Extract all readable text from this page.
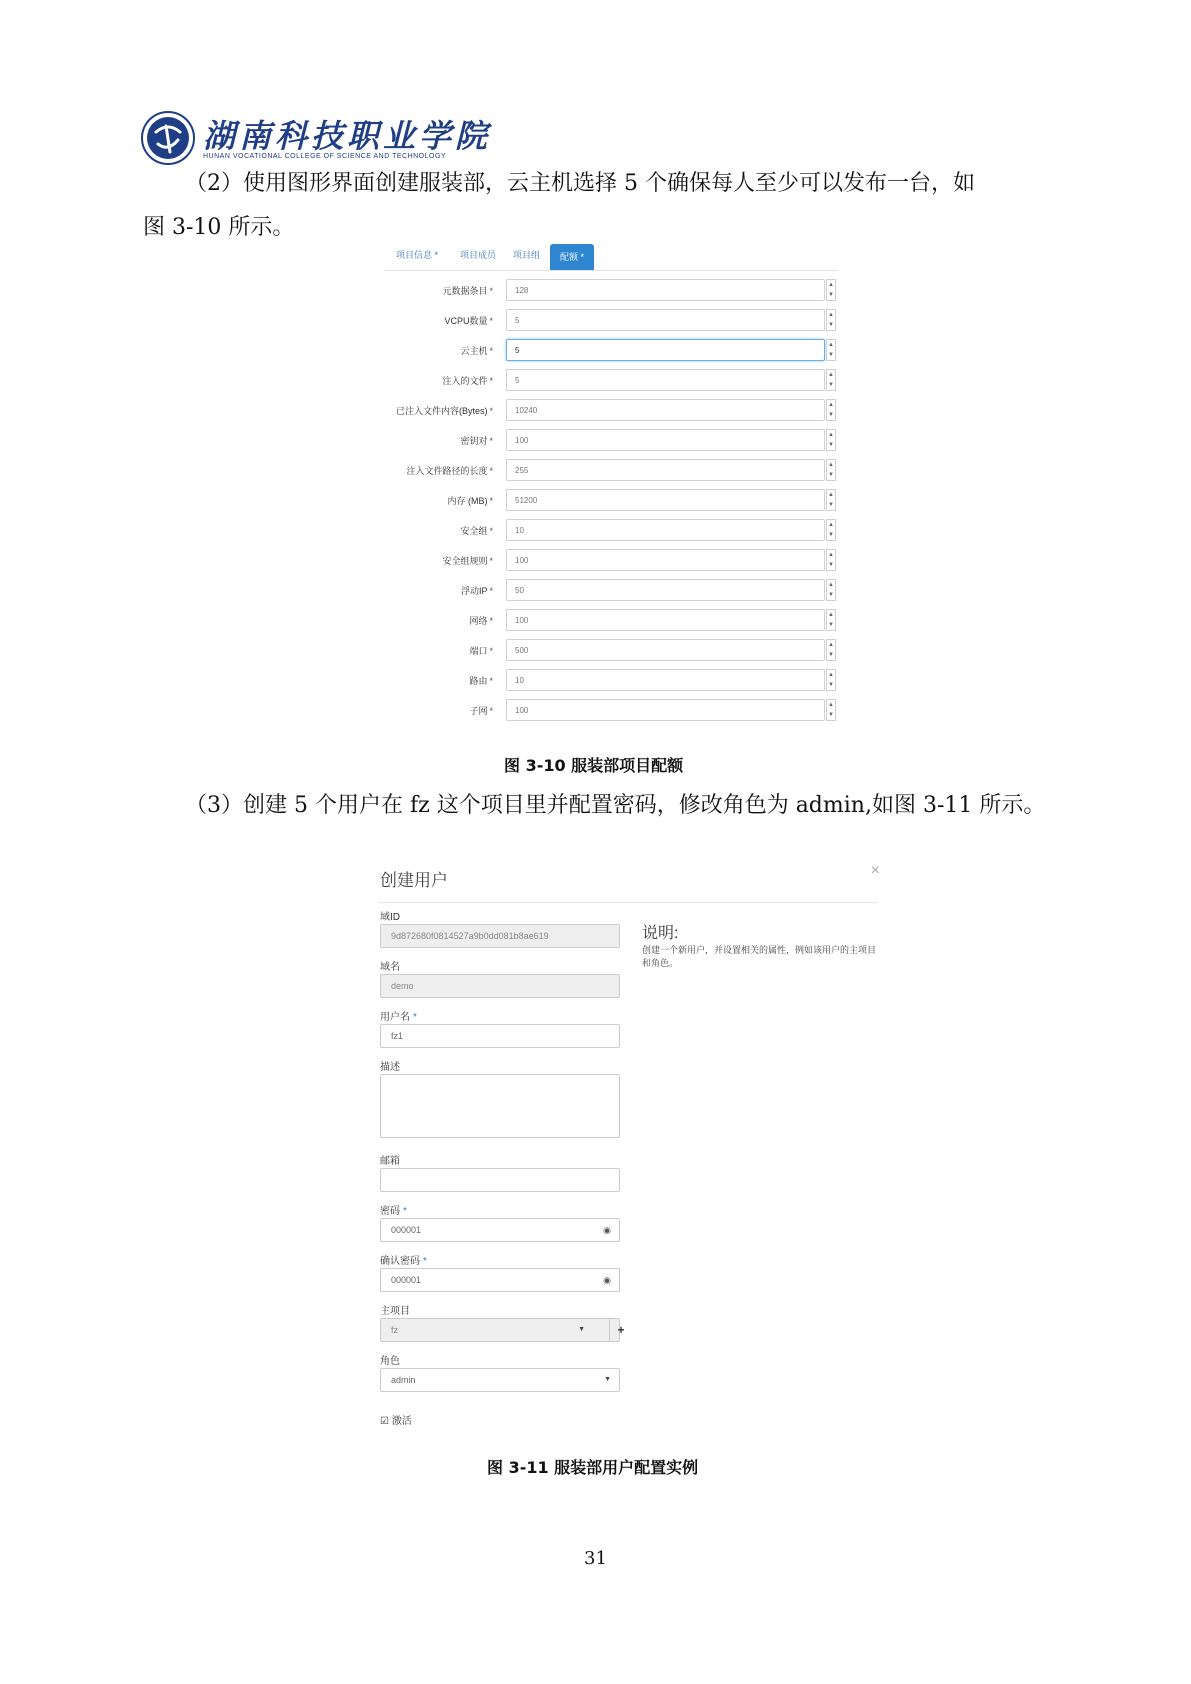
湖南科技职业学院
HUNAN VOCATIONAL COLLEGE OF SCIENCE AND TECHNOLOGY
（2）使用图形界面创建服装部，云主机选择 5 个确保每人至少可以发布一台，如
图 3-10 所示。
项目信息 * 项目成员 项目组	配额 *
元数据条目 *	128
▲
▼
VCPU数量 *	5
▲
▼
云主机 *	5
▲
▼
注入的文件 *	5
▲
▼
已注入文件内容(Bytes) *	10240
▲
▼
密钥对 *	100
▲
▼
注入文件路径的长度 *	255
▲
▼
内存 (MB) *	51200
▲
▼
安全组 *	10
▲
▼
安全组规则 *	100
▲
▼
浮动IP *	50
▲
▼
网络 *	100
▲
▼
端口 *	500
▲
▼
路由 *	10
▲
▼
子网 *	100
▲
▼
图 3-10 服装部项目配额
（3）创建 5 个用户在 fz 这个项目里并配置密码，修改角色为 admin,如图 3-11 所示。
创建用户
×
域ID
9d872680f0814527a9b0dd081b8ae619
域名
demo
用户名 *
fz1
描述
邮箱
密码 *
000001	◉
确认密码 *
000001	◉
主项目
fz	▼	+
角色
admin	▼
☑ 激活
说明:
创建一个新用户，并设置相关的属性，例如该用户的主项目和角色。
图 3-11 服装部用户配置实例
31
